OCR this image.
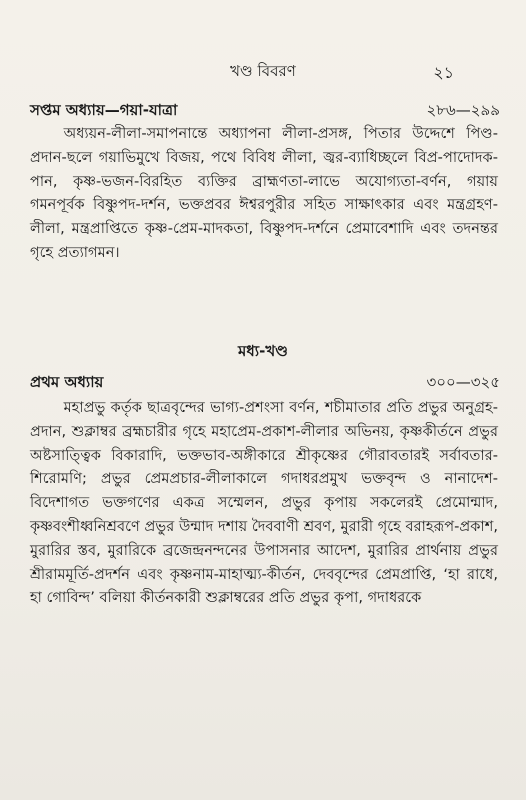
খণ্ড বিবরণ	২১
সপ্তম অধ্যায়—গয়া-যাত্রা	২৮৬—২৯৯

অধ্যয়ন-লীলা-সমাপনান্তে অধ্যাপনা লীলা-প্রসঙ্গ, পিতার উদ্দেশে পিণ্ড-প্রদান-ছলে গয়াভিমুখে বিজয়, পথে বিবিধ লীলা, জ্বর-ব্যাধিচ্ছলে বিপ্র-পাদোদক-পান, কৃষ্ণ-ভজন-বিরহিত ব্যক্তির ব্রাহ্মণতা-লাভে অযোগ্যতা-বর্ণন, গয়ায় গমনপূর্বক বিষ্ণুপদ-দর্শন, ভক্তপ্রবর ঈশ্বরপুরীর সহিত সাক্ষাৎকার এবং মন্ত্রগ্রহণ-লীলা, মন্ত্রপ্রাপ্তিতে কৃষ্ণ-প্রেম-মাদকতা, বিষ্ণুপদ-দর্শনে প্রেমাবেশাদি এবং তদনন্তর গৃহে প্রত্যাগমন।

মধ্য-খণ্ড
প্রথম অধ্যায়	৩০০—৩২৫

মহাপ্রভু কর্তৃক ছাত্রবৃন্দের ভাগ্য-প্রশংসা বর্ণন, শচীমাতার প্রতি প্রভুর অনুগ্রহ-প্রদান, শুক্লাম্বর ব্রহ্মচারীর গৃহে মহাপ্রেম-প্রকাশ-লীলার অভিনয়, কৃষ্ণকীর্তনে প্রভুর অষ্টসাত্ত্বিক বিকারাদি, ভক্তভাব-অঙ্গীকারে শ্রীকৃষ্ণের গৌরাবতারই সর্বাবতার-শিরোমণি; প্রভুর প্রেমপ্রচার-লীলাকালে গদাধরপ্রমুখ ভক্তবৃন্দ ও নানাদেশ-বিদেশাগত ভক্তগণের একত্র সম্মেলন, প্রভুর কৃপায় সকলেরই প্রেমোন্মাদ, কৃষ্ণবংশীধ্বনিশ্রবণে প্রভুর উন্মাদ দশায় দৈববাণী শ্রবণ, মুরারী গৃহে বরাহরূপ-প্রকাশ, মুরারির স্তব, মুরারিকে ব্রজেন্দ্রনন্দনের উপাসনার আদেশ, মুরারির প্রার্থনায় প্রভুর শ্রীরামমূর্তি-প্রদর্শন এবং কৃষ্ণনাম-মাহাত্ম্য-কীর্তন, দেববৃন্দের প্রেমপ্রাপ্তি, ‘হা রাধে, হা গোবিন্দ’ বলিয়া কীর্তনকারী শুক্লাম্বরের প্রতি প্রভুর কৃপা, গদাধরকে
